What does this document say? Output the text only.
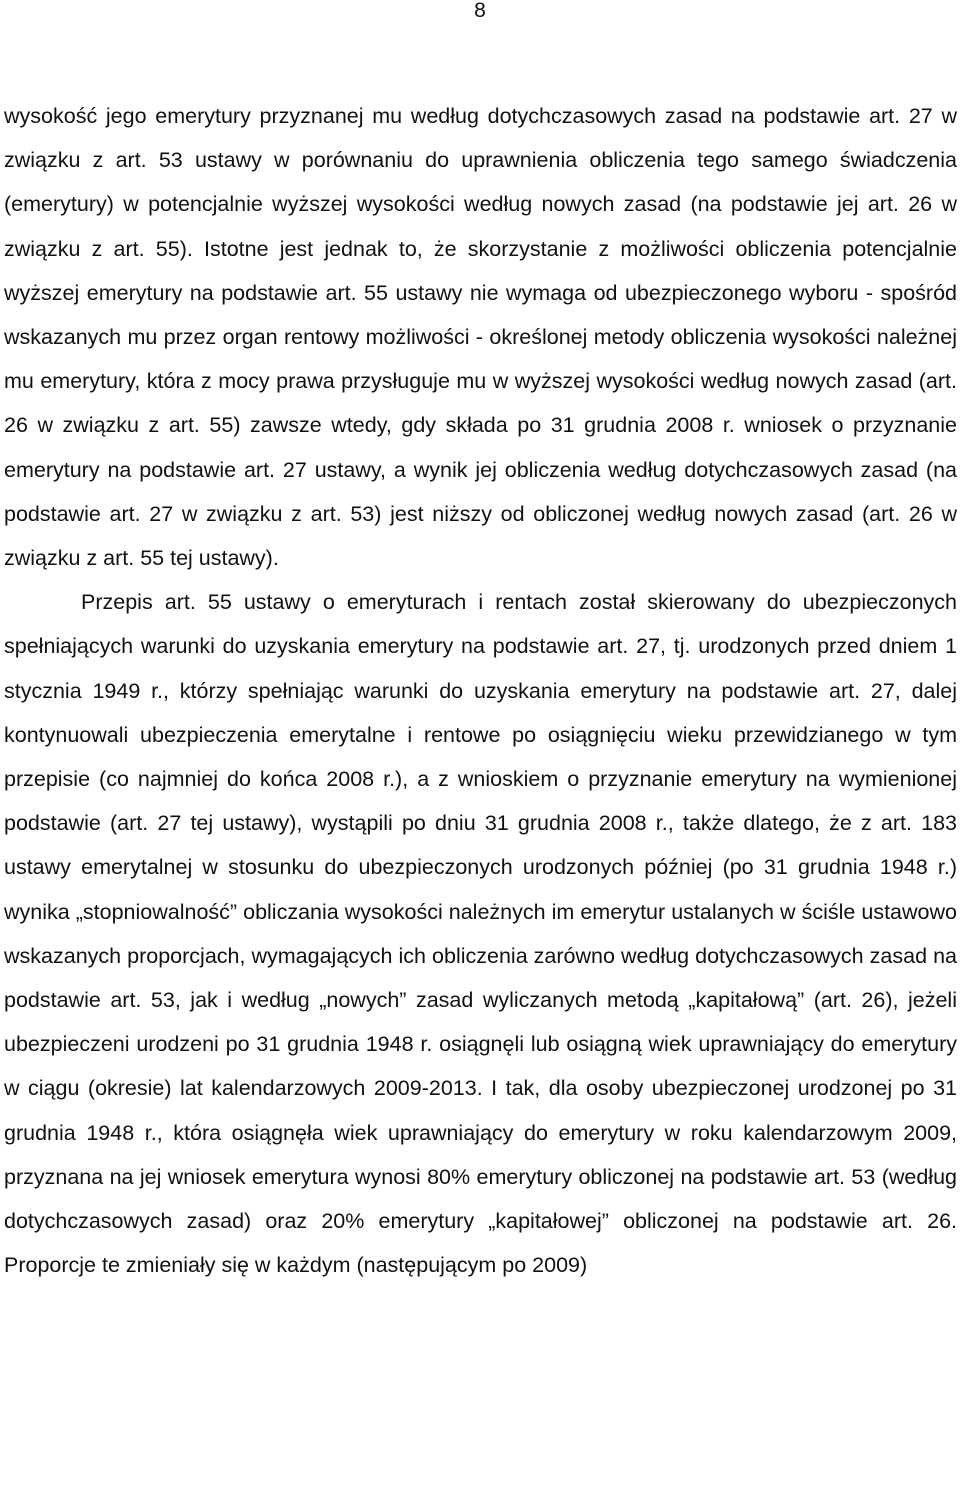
8

wysokość jego emerytury przyznanej mu według dotychczasowych zasad na podstawie art. 27 w związku z art. 53 ustawy w porównaniu do uprawnienia obliczenia tego samego świadczenia (emerytury) w potencjalnie wyższej wysokości według nowych zasad (na podstawie jej art. 26 w związku z art. 55). Istotne jest jednak to, że skorzystanie z możliwości obliczenia potencjalnie wyższej emerytury na podstawie art. 55 ustawy nie wymaga od ubezpieczonego wyboru - spośród wskazanych mu przez organ rentowy możliwości - określonej metody obliczenia wysokości należnej mu emerytury, która z mocy prawa przysługuje mu w wyższej wysokości według nowych zasad (art. 26 w związku z art. 55) zawsze wtedy, gdy składa po 31 grudnia 2008 r. wniosek o przyznanie emerytury na podstawie art. 27 ustawy, a wynik jej obliczenia według dotychczasowych zasad (na podstawie art. 27 w związku z art. 53) jest niższy od obliczonej według nowych zasad (art. 26 w związku z art. 55 tej ustawy).

Przepis art. 55 ustawy o emeryturach i rentach został skierowany do ubezpieczonych spełniających warunki do uzyskania emerytury na podstawie art. 27, tj. urodzonych przed dniem 1 stycznia 1949 r., którzy spełniając warunki do uzyskania emerytury na podstawie art. 27, dalej kontynuowali ubezpieczenia emerytalne i rentowe po osiągnięciu wieku przewidzianego w tym przepisie (co najmniej do końca 2008 r.), a z wnioskiem o przyznanie emerytury na wymienionej podstawie (art. 27 tej ustawy), wystąpili po dniu 31 grudnia 2008 r., także dlatego, że z art. 183 ustawy emerytalnej w stosunku do ubezpieczonych urodzonych później (po 31 grudnia 1948 r.) wynika „stopniowalność” obliczania wysokości należnych im emerytur ustalanych w ściśle ustawowo wskazanych proporcjach, wymagających ich obliczenia zarówno według dotychczasowych zasad na podstawie art. 53, jak i według „nowych” zasad wyliczanych metodą „kapitałową” (art. 26), jeżeli ubezpieczeni urodzeni po 31 grudnia 1948 r. osiągnęli lub osiągną wiek uprawniający do emerytury w ciągu (okresie) lat kalendarzowych 2009-2013. I tak, dla osoby ubezpieczonej urodzonej po 31 grudnia 1948 r., która osiągnęła wiek uprawniający do emerytury w roku kalendarzowym 2009, przyznana na jej wniosek emerytura wynosi 80% emerytury obliczonej na podstawie art. 53 (według dotychczasowych zasad) oraz 20% emerytury „kapitałowej” obliczonej na podstawie art. 26. Proporcje te zmieniały się w każdym (następującym po 2009)
